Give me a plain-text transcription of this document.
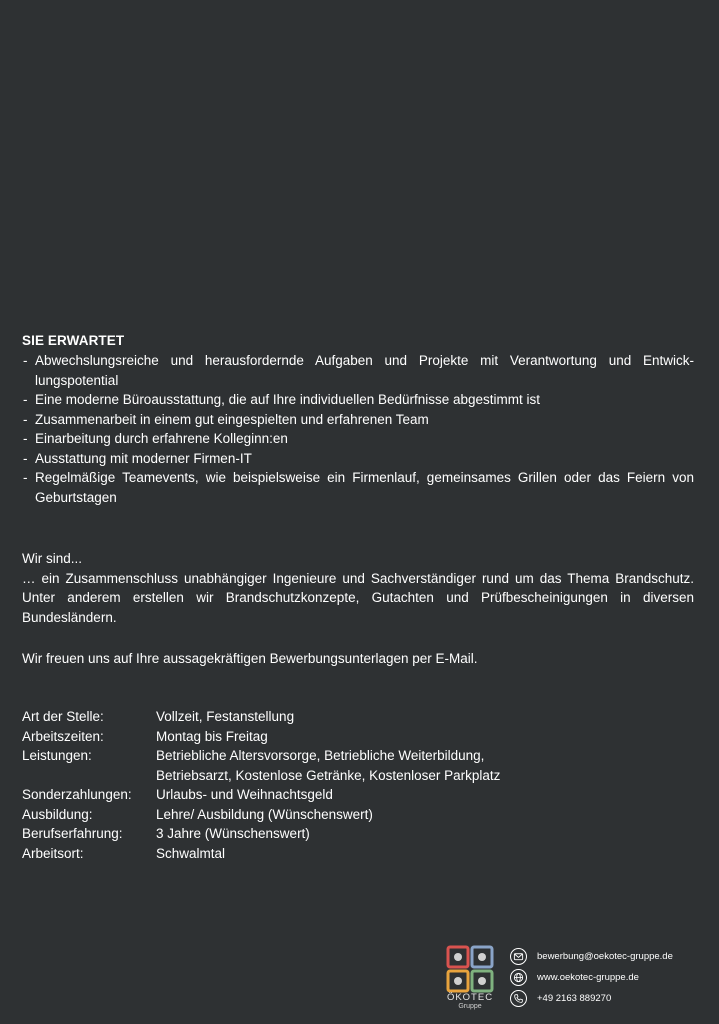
SIE ERWARTET
- Abwechslungsreiche und herausfordernde Aufgaben und Projekte mit Verantwortung und Entwicklungspotential
- Eine moderne Büroausstattung, die auf Ihre individuellen Bedürfnisse abgestimmt ist
- Zusammenarbeit in einem gut eingespielten und erfahrenen Team
- Einarbeitung durch erfahrene Kolleginn:en
- Ausstattung mit moderner Firmen-IT
- Regelmäßige Teamevents, wie beispielsweise ein Firmenlauf, gemeinsames Grillen oder das Feiern von Geburtstagen

Wir sind...

… ein Zusammenschluss unabhängiger Ingenieure und Sachverständiger rund um das Thema Brandschutz. Unter anderem erstellen wir Brandschutzkonzepte, Gutachten und Prüfbescheinigungen in diversen Bundesländern.

Wir freuen uns auf Ihre aussagekräftigen Bewerbungsunterlagen per E-Mail.
Art der Stelle:	Vollzeit, Festanstellung
Arbeitszeiten:	Montag bis Freitag
Leistungen:	Betriebliche Altersvorsorge, Betriebliche Weiterbildung,
Betriebsarzt, Kostenlose Getränke, Kostenloser Parkplatz
Sonderzahlungen:	Urlaubs- und Weihnachtsgeld
Ausbildung:	Lehre/ Ausbildung (Wünschenswert)
Berufserfahrung:	3 Jahre (Wünschenswert)
Arbeitsort:	Schwalmtal
ÖKOTEC
Gruppe
bewerbung@oekotec-gruppe.de
www.oekotec-gruppe.de
+49 2163 889270
